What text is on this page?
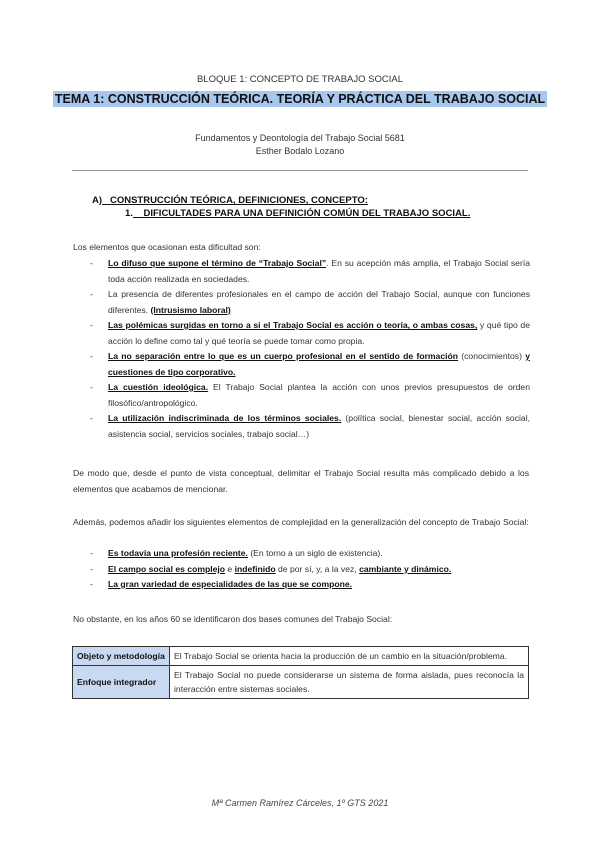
BLOQUE 1: CONCEPTO DE TRABAJO SOCIAL
TEMA 1: CONSTRUCCIÓN TEÓRICA. TEORÍA Y PRÁCTICA DEL TRABAJO SOCIAL
Fundamentos y Deontología del Trabajo Social 5681
Esther Bodalo Lozano
A) CONSTRUCCIÓN TEÓRICA, DEFINICIONES, CONCEPTO:
1. DIFICULTADES PARA UNA DEFINICIÓN COMÚN DEL TRABAJO SOCIAL.
Los elementos que ocasionan esta dificultad son:
- Lo difuso que supone el término de “Trabajo Social”. En su acepción más amplia, el Trabajo Social sería toda acción realizada en sociedades.
- La presencia de diferentes profesionales en el campo de acción del Trabajo Social, aunque con funciones diferentes. (Intrusismo laboral)
- Las polémicas surgidas en torno a si el Trabajo Social es acción o teoría, o ambas cosas, y qué tipo de acción lo define como tal y qué teoría se puede tomar como propia.
- La no separación entre lo que es un cuerpo profesional en el sentido de formación (conocimientos) y cuestiones de tipo corporativo.
- La cuestión ideológica. El Trabajo Social plantea la acción con unos previos presupuestos de orden filosófico/antropológico.
- La utilización indiscriminada de los términos sociales. (política social, bienestar social, acción social, asistencia social, servicios sociales, trabajo social…)
De modo que, desde el punto de vista conceptual, delimitar el Trabajo Social resulta más complicado debido a los elementos que acabamos de mencionar.
Además, podemos añadir los siguientes elementos de complejidad en la generalización del concepto de Trabajo Social:
- Es todavía una profesión reciente. (En torno a un siglo de existencia).
- El campo social es complejo e indefinido de por sí, y, a la vez, cambiante y dinámico.
- La gran variedad de especialidades de las que se compone.
No obstante, en los años 60 se identificaron dos bases comunes del Trabajo Social:
Objeto y metodología	El Trabajo Social se orienta hacia la producción de un cambio en la situación/problema.
Enfoque integrador	El Trabajo Social no puede considerarse un sistema de forma aislada, pues reconocía la interacción entre sistemas sociales.
Mª Carmen Ramírez Cárceles, 1º GTS 2021
